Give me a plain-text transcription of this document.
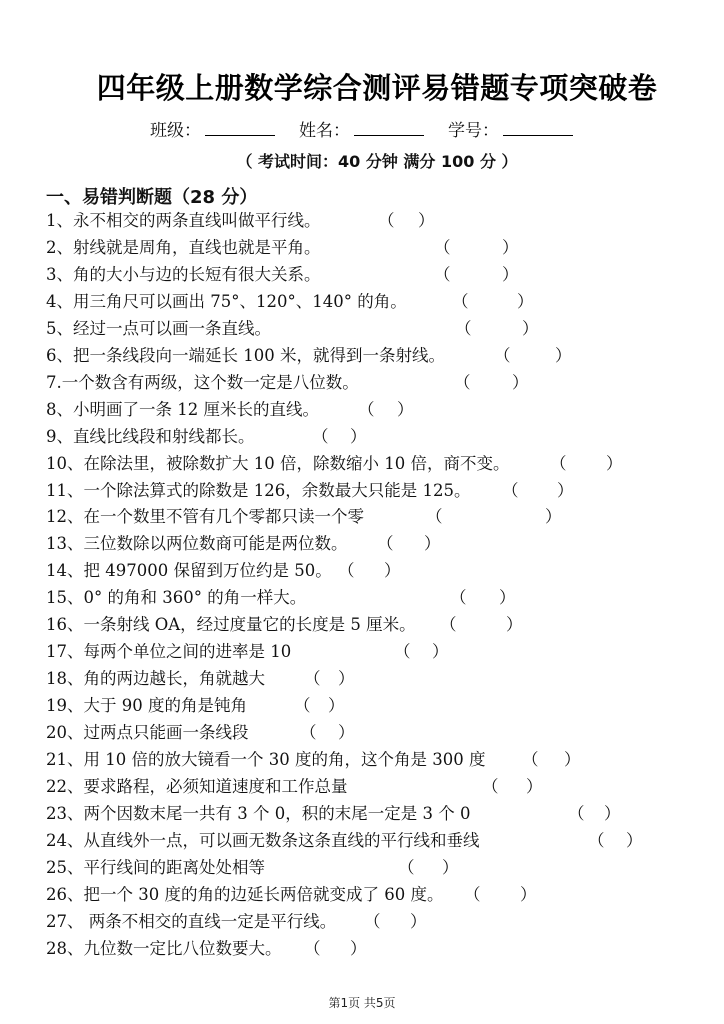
四年级上册数学综合测评易错题专项突破卷
班级：	姓名：	学号：
（ 考试时间：40 分钟 满分 100 分 ）
一、易错判断题（28 分）
1、永不相交的两条直线叫做平行线。	（ ）
2、射线就是周角，直线也就是平角。	（	）
3、角的大小与边的长短有很大关系。	（	）
4、用三角尺可以画出 75°、120°、140° 的角。	（	）
5、经过一点可以画一条直线。	（	）
6、把一条线段向一端延长 100 米，就得到一条射线。	（	）
7.一个数含有两级，这个数一定是八位数。	（	）
8、小明画了一条 12 厘米长的直线。 （ ）
9、直线比线段和射线都长。	（ ）
10、在除法里，被除数扩大 10 倍，除数缩小 10 倍，商不变。 （ ）
11、一个除法算式的除数是 126，余数最大只能是 125。 （ ）
12、在一个数里不管有几个零都只读一个零	（	）
13、三位数除以两位数商可能是两位数。 （ ）
14、把 497000 保留到万位约是 50。 （ ）
15、0° 的角和 360° 的角一样大。	（ ）
16、一条射线 OA，经过度量它的长度是 5 厘米。 （	）
17、每两个单位之间的进率是 10	（ ）
18、角的两边越长，角就越大 （ ）
19、大于 90 度的角是钝角	（ ）
20、过两点只能画一条线段	（ ）
21、用 10 倍的放大镜看一个 30 度的角，这个角是 300 度 （ ）
22、要求路程，必须知道速度和工作总量	（ ）
23、两个因数末尾一共有 3 个 0，积的末尾一定是 3 个 0	（ ）
24、从直线外一点，可以画无数条这条直线的平行线和垂线	（ ）
25、平行线间的距离处处相等	（ ）
26、把一个 30 度的角的边延长两倍就变成了 60 度。 （ ）
27、 两条不相交的直线一定是平行线。 （ ）
28、九位数一定比八位数要大。 （ ）
第1页 共5页
